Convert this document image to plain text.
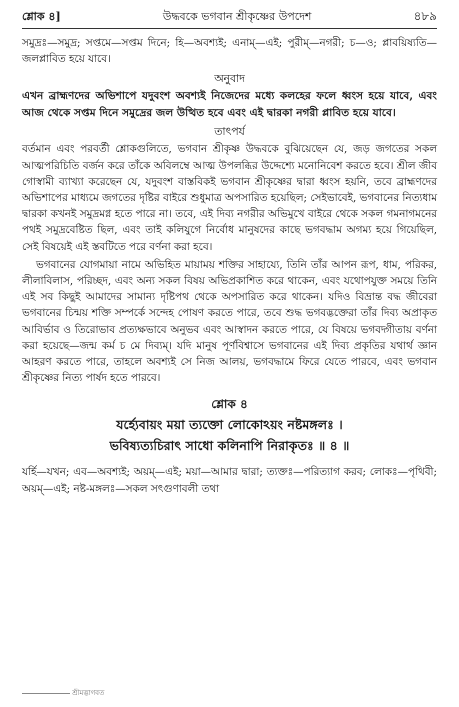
শ্লোক ৪]	উদ্ধবকে ভগবান শ্রীকৃষ্ণের উপদেশ	৪৮৯

সমুদ্রঃ—সমুদ্র; সপ্তমে—সপ্তম দিনে; হি—অবশ্যই; এনাম্—এই; পুরীম্—নগরী; চ—ও; প্লাবয়িষ্যতি—জলপ্লাবিত হয়ে যাবে।

অনুবাদ

এখন ব্রাহ্মণদের অভিশাপে যদুবংশ অবশ্যই নিজেদের মধ্যে কলহের ফলে ধ্বংস হয়ে যাবে, এবং আজ থেকে সপ্তম দিনে সমুদ্রের জল উত্থিত হবে এবং এই দ্বারকা নগরী প্লাবিত হয়ে যাবে।

তাৎপর্য

বর্তমান এবং পরবর্তী শ্লোকগুলিতে, ভগবান শ্রীকৃষ্ণ উদ্ধবকে বুঝিয়েছেন যে, জড় জগতের সকল আত্মপরিচিতি বর্জন করে তাঁকে অবিলম্বে আত্ম উপলব্ধির উদ্দেশ্যে মনোনিবেশ করতে হবে। শ্রীল জীব গোস্বামী ব্যাখ্যা করেছেন যে, যদুবংশ বাস্তবিকই ভগবান শ্রীকৃষ্ণের দ্বারা ধ্বংস হয়নি, তবে ব্রাহ্মণদের অভিশাপের মাধ্যমে জগতের দৃষ্টির বাইরে শুধুমাত্র অপসারিত হয়েছিল; সেইভাবেই, ভগবানের নিত্যধাম দ্বারকা কখনই সমুদ্রমগ্ন হতে পারে না। তবে, এই দিব্য নগরীর অভিমুখে বাইরে থেকে সকল গমনাগমনের পথই সমুদ্রবেষ্টিত ছিল, এবং তাই কলিযুগে নির্বোধ মানুষদের কাছে ভগবদ্ধাম অগম্য হয়ে গিয়েছিল, সেই বিষয়েই এই স্তবটিতে পরে বর্ণনা করা হবে।

ভগবানের যোগমায়া নামে অভিহিত মায়াময় শক্তির সাহায্যে, তিনি তাঁর আপন রূপ, ধাম, পরিকর, লীলাবিলাস, পরিচ্ছদ, এবং অন্য সকল বিষয় অভিপ্রকাশিত করে থাকেন, এবং যথোপযুক্ত সময়ে তিনি এই সব কিছুই আমাদের সামান্য দৃষ্টিপথ থেকে অপসারিত করে থাকেন। যদিও বিভ্রান্ত বদ্ধ জীবেরা ভগবানের চিন্ময় শক্তি সম্পর্কে সন্দেহ পোষণ করতে পারে, তবে শুদ্ধ ভগবদ্ভক্তেরা তাঁর দিব্য অপ্রাকৃত আবির্ভাব ও তিরোভাব প্রত্যক্ষভাবে অনুভব এবং আস্বাদন করতে পারে, যে বিষয়ে ভগবদ্গীতায় বর্ণনা করা হয়েছে—জন্ম কর্ম চ মে দিব্যম্। যদি মানুষ পূর্ণবিশ্বাসে ভগবানের এই দিব্য প্রকৃতির যথার্থ জ্ঞান আহরণ করতে পারে, তাহলে অবশ্যই সে নিজ আলয়, ভগবদ্ধামে ফিরে যেতে পারবে, এবং ভগবান শ্রীকৃষ্ণের নিত্য পার্ষদ হতে পারবে।

শ্লোক ৪
যর্হ্যেবায়ং ময়া ত্যক্তো লোকোঽয়ং নষ্টমঙ্গলঃ ।
ভবিষ্যত্যচিরাৎ সাধো কলিনাপি নিরাকৃতঃ ॥ ৪ ॥

যর্হি—যখন; এব—অবশ্যই; অয়ম্—এই; ময়া—আমার দ্বারা; ত্যক্তঃ—পরিত্যাগ করব; লোকঃ—পৃথিবী; অয়ম্—এই; নষ্ট-মঙ্গলঃ—সকল সৎগুণাবলী তথা

শ্রীমদ্ভাগবত
